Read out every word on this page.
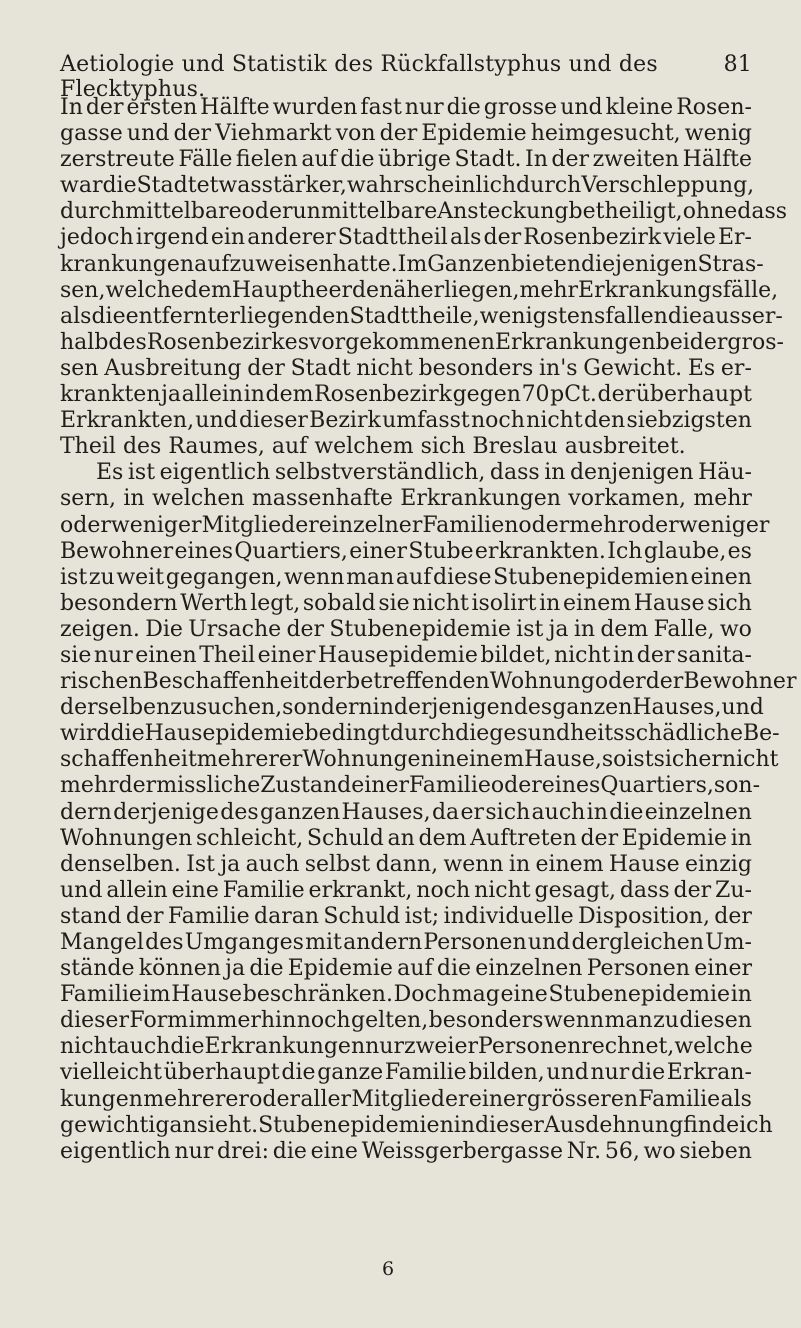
Aetiologie und Statistik des Rückfallstyphus und des Flecktyphus.
81
In der ersten Hälfte wurden fast nur die grosse und kleine Rosen-
gasse und der Viehmarkt von der Epidemie heimgesucht, wenig
zerstreute Fälle fielen auf die übrige Stadt. In der zweiten Hälfte
war die Stadt etwas stärker, wahrscheinlich durch Verschleppung,
durch mittelbare oder unmittelbare Ansteckung betheiligt, ohne dass
jedoch irgend ein anderer Stadttheil als der Rosenbezirk viele Er-
krankungen aufzuweisen hatte. Im Ganzen bieten diejenigen Stras-
sen, welche dem Hauptheerde näher liegen, mehr Erkrankungsfälle,
als die entfernter liegenden Stadttheile, wenigstens fallen die ausser-
halb des Rosenbezirkes vorgekommenen Erkrankungen bei der gros-
sen Ausbreitung der Stadt nicht besonders in's Gewicht. Es er-
krankten ja allein in dem Rosenbezirk gegen 70 pCt. der überhaupt
Erkrankten, und dieser Bezirk umfasst noch nicht den siebzigsten
Theil des Raumes, auf welchem sich Breslau ausbreitet.
Es ist eigentlich selbstverständlich, dass in denjenigen Häu-
sern, in welchen massenhafte Erkrankungen vorkamen, mehr
oder weniger Mitglieder einzelner Familien oder mehr oder weniger
Bewohner eines Quartiers, einer Stube erkrankten. Ich glaube, es
ist zu weit gegangen, wenn man auf diese Stubenepidemien einen
besondern Werth legt, sobald sie nicht isolirt in einem Hause sich
zeigen. Die Ursache der Stubenepidemie ist ja in dem Falle, wo
sie nur einen Theil einer Hausepidemie bildet, nicht in der sanita-
rischen Beschaffenheit der betreffenden Wohnung oder der Bewohner
derselben zu suchen, sondern in derjenigen des ganzen Hauses, und
wird die Hausepidemie bedingt durch die gesundheitsschädliche Be-
schaffenheit mehrerer Wohnungen in einem Hause, so ist sicher nicht
mehr der missliche Zustand einer Familie oder eines Quartiers, son-
dern derjenige des ganzen Hauses, da er sich auch in die einzelnen
Wohnungen schleicht, Schuld an dem Auftreten der Epidemie in
denselben. Ist ja auch selbst dann, wenn in einem Hause einzig
und allein eine Familie erkrankt, noch nicht gesagt, dass der Zu-
stand der Familie daran Schuld ist; individuelle Disposition, der
Mangel des Umganges mit andern Personen und dergleichen Um-
stände können ja die Epidemie auf die einzelnen Personen einer
Familie im Hause beschränken. Doch mag eine Stubenepidemie in
dieser Form immerhin noch gelten, besonders wenn man zu diesen
nicht auch die Erkrankungen nur zweier Personen rechnet, welche
vielleicht überhaupt die ganze Familie bilden, und nur die Erkran-
kungen mehrerer oder aller Mitglieder einer grösseren Familie als
gewichtig ansieht. Stubenepidemien in dieser Ausdehnung finde ich
eigentlich nur drei: die eine Weissgerbergasse Nr. 56, wo sieben
6
